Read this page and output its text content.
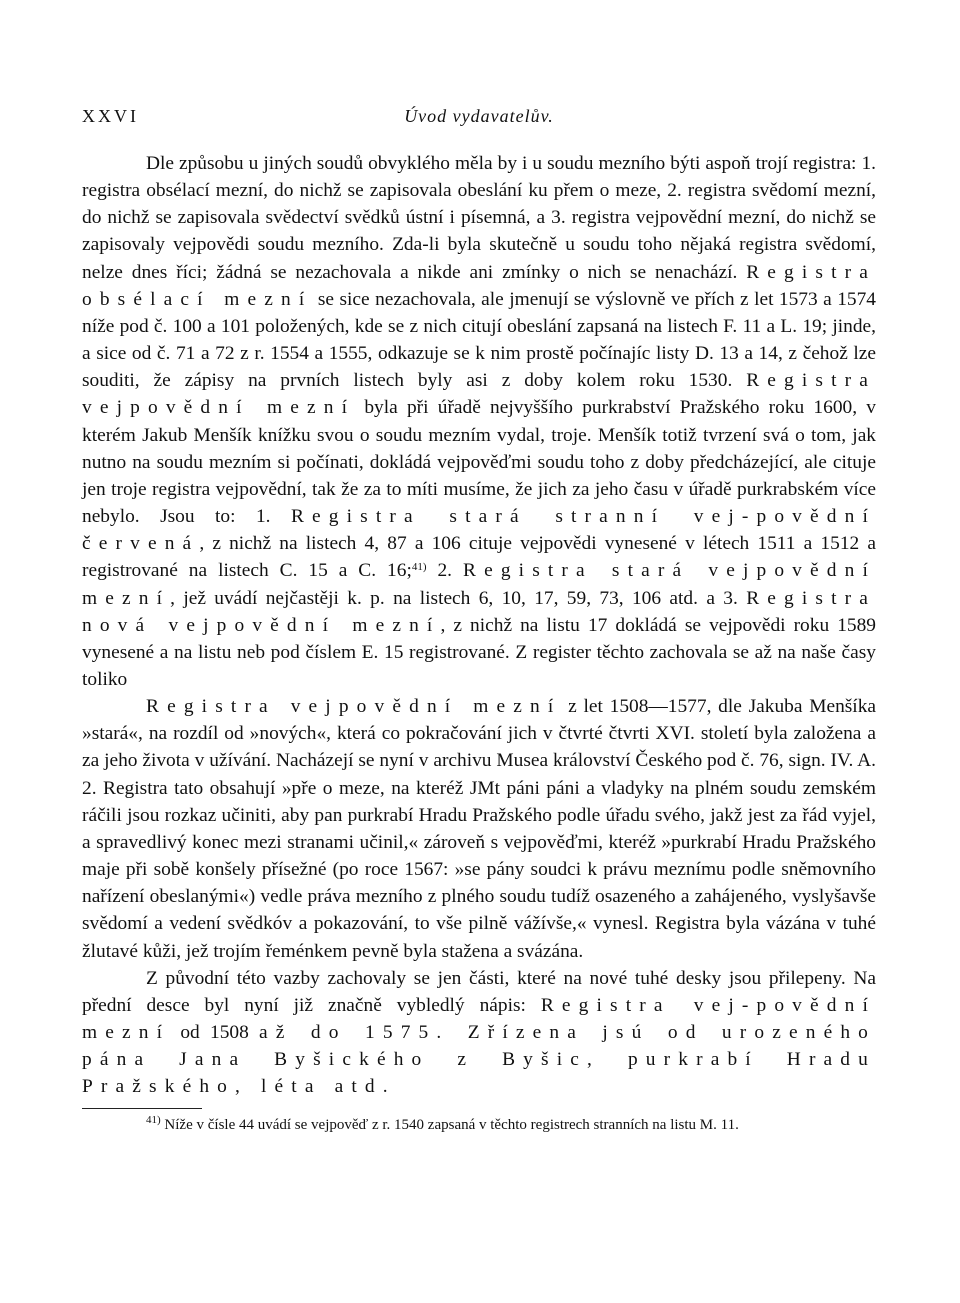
XXVI	Úvod vydavatelův.

Dle způsobu u jiných soudů obvyklého měla by i u soudu mezního býti aspoň trojí registra: 1. registra obsélací mezní, do nichž se zapisovala obeslání ku přem o meze, 2. registra svědomí mezní, do nichž se zapisovala svědectví svědků ústní i písemná, a 3. registra vejpovědní mezní, do nichž se zapisovaly vejpovědi soudu mezního. Zda-li byla skutečně u soudu toho nějaká registra svědomí, nelze dnes říci; žádná se nezachovala a nikde ani zmínky o nich se nenachází. Registra obsélací mezní se sice nezachovala, ale jmenují se výslovně ve přích z let 1573 a 1574 níže pod č. 100 a 101 položených, kde se z nich citují obeslání zapsaná na listech F. 11 a L. 19; jinde, a sice od č. 71 a 72 z r. 1554 a 1555, odkazuje se k nim prostě počínajíc listy D. 13 a 14, z čehož lze souditi, že zápisy na prvních listech byly asi z doby kolem roku 1530. Registra vejpovědní mezní byla při úřadě nejvyššího purkrabství Pražského roku 1600, v kterém Jakub Menšík knížku svou o soudu mezním vydal, troje. Menšík totiž tvrzení svá o tom, jak nutno na soudu mezním si počínati, dokládá vejpověďmi soudu toho z doby předcházející, ale cituje jen troje registra vejpovědní, tak že za to míti musíme, že jich za jeho času v úřadě purkrabském více nebylo. Jsou to: 1. Registra stará stranní vej-povědní červená, z nichž na listech 4, 87 a 106 cituje vejpovědi vynesené v létech 1511 a 1512 a registrované na listech C. 15 a C. 16;$^{41)}$ 2. Registra stará vejpovědní mezní, jež uvádí nejčastěji k. p. na listech 6, 10, 17, 59, 73, 106 atd. a 3. Registra nová vejpovědní mezní, z nichž na listu 17 dokládá se vejpovědi roku 1589 vynesené a na listu neb pod číslem E. 15 registrované. Z register těchto zachovala se až na naše časy toliko

Registra vejpovědní mezní z let 1508—1577, dle Jakuba Menšíka »stará«, na rozdíl od »nových«, která co pokračování jich v čtvrté čtvrti XVI. století byla založena a za jeho života v užívání. Nacházejí se nyní v archivu Musea království Českého pod č. 76, sign. IV. A. 2. Registra tato obsahují »pře o meze, na kteréž JMt páni páni a vladyky na plném soudu zemském ráčili jsou rozkaz učiniti, aby pan purkrabí Hradu Pražského podle úřadu svého, jakž jest za řád vyjel, a spravedlivý konec mezi stranami učinil,« zároveň s vejpověďmi, kteréž »purkrabí Hradu Pražského maje při sobě konšely přísežné (po roce 1567: »se pány soudci k právu meznímu podle sněmovního nařízení obeslanými«) vedle práva mezního z plného soudu tudíž osazeného a zahájeného, vyslyšavše svědomí a vedení svědkóv a pokazování, to vše pilně vážívše,« vynesl. Registra byla vázána v tuhé žlutavé kůži, jež trojím řeménkem pevně byla stažena a svázána.

Z původní této vazby zachovaly se jen části, které na nové tuhé desky jsou přilepeny. Na přední desce byl nyní již značně vybledlý nápis: Registra vej-povědní mezní od 1508 až do 1575. Zřízena jsú od urozeného pána Jana Byšického z Byšic, purkrabí Hradu Pražského, léta atd.

$^{41)}$ Níže v čísle 44 uvádí se vejpověď z r. 1540 zapsaná v těchto registrech stranních na listu M. 11.
